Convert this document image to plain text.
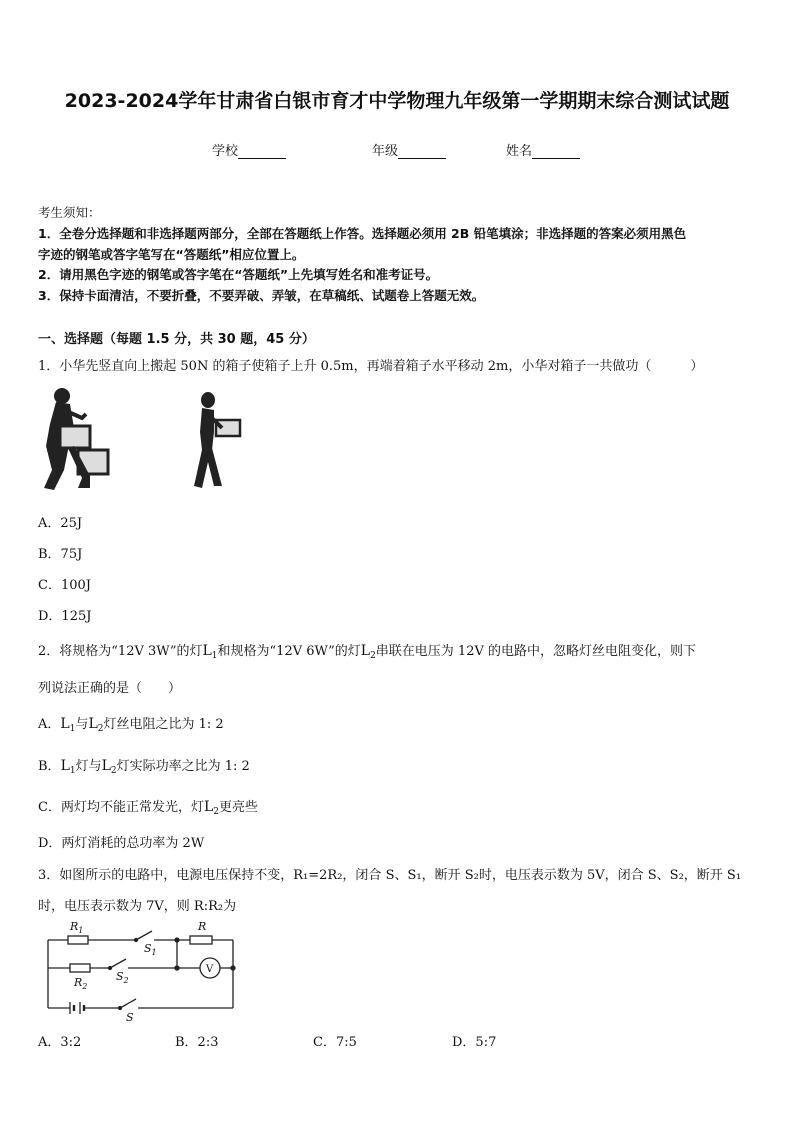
2023-2024学年甘肃省白银市育才中学物理九年级第一学期期末综合测试试题
学校	年级	姓名
考生须知：
1．全卷分选择题和非选择题两部分，全部在答题纸上作答。选择题必须用 2B 铅笔填涂；非选择题的答案必须用黑色
字迹的钢笔或答字笔写在“答题纸”相应位置上。
2．请用黑色字迹的钢笔或答字笔在“答题纸”上先填写姓名和准考证号。
3．保持卡面清洁，不要折叠，不要弄破、弄皱，在草稿纸、试题卷上答题无效。
一、选择题（每题 1.5 分，共 30 题，45 分）
1．小华先竖直向上搬起 50N 的箱子使箱子上升 0.5m，再端着箱子水平移动 2m，小华对箱子一共做功（　　　）
A．25J
B．75J
C．100J
D．125J
2．将规格为“12V 3W”的灯$L_1$和规格为“12V 6W”的灯$L_2$串联在电压为 12V 的电路中，忽略灯丝电阻变化，则下
列说法正确的是（　　）
A．$L_1$与$L_2$灯丝电阻之比为 1: 2
B．$L_1$灯与$L_2$灯实际功率之比为 1: 2
C．两灯均不能正常发光，灯$L_2$更亮些
D．两灯消耗的总功率为 2W
3．如图所示的电路中，电源电压保持不变，R₁=2R₂，闭合 S、S₁，断开 S₂时，电压表示数为 5V，闭合 S、S₂，断开 S₁
时，电压表示数为 7V，则 R:R₂为
$R_1$
$S_1$
R
V
$R_2$
$S_2$
S
A．3:2	B．2:3	C．7:5	D．5:7
